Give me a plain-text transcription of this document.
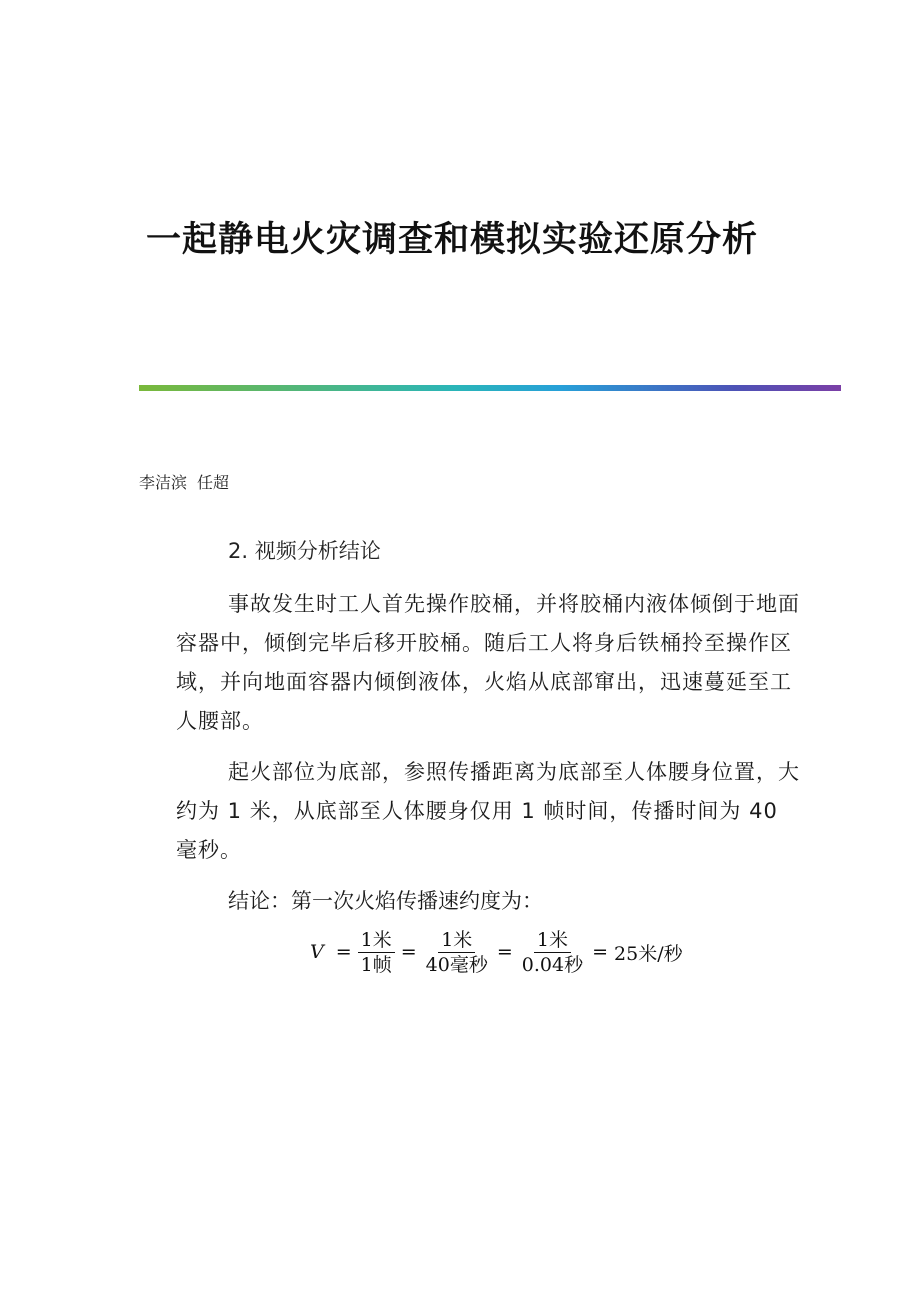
一起静电火灾调查和模拟实验还原分析
李洁滨 任超
2. 视频分析结论

事故发生时工人首先操作胶桶，并将胶桶内液体倾倒于地面容器中，倾倒完毕后移开胶桶。随后工人将身后铁桶拎至操作区域，并向地面容器内倾倒液体，火焰从底部窜出，迅速蔓延至工人腰部。

起火部位为底部，参照传播距离为底部至人体腰身位置，大约为 1 米，从底部至人体腰身仅用 1 帧时间，传播时间为 40 毫秒。

结论：第一次火焰传播速约度为：
$V = \frac{\text{1米}}{\text{1帧}} = \frac{\text{1米}}{\text{40毫秒}} = \frac{\text{1米}}{\text{0.04秒}} = 25$米/秒
